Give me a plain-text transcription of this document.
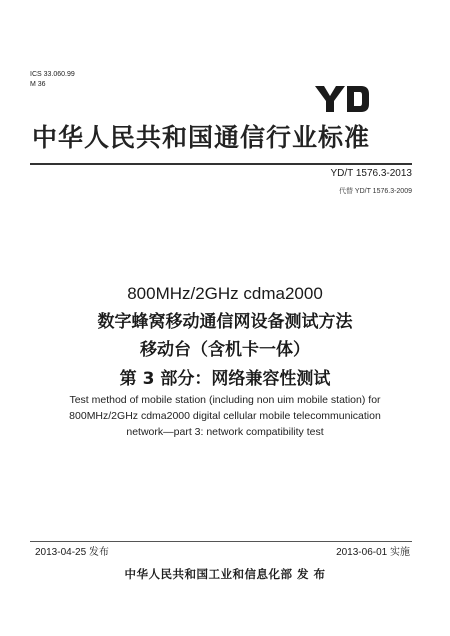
ICS 33.060.99
M 36
中华人民共和国通信行业标准
YD/T 1576.3-2013
代替 YD/T 1576.3-2009
800MHz/2GHz cdma2000
数字蜂窝移动通信网设备测试方法
移动台（含机卡一体）
第 3 部分：网络兼容性测试
Test method of mobile station (including non uim mobile station) for
800MHz/2GHz cdma2000 digital cellular mobile telecommunication
network—part 3: network compatibility test
2013-04-25 发布	2013-06-01 实施
中华人民共和国工业和信息化部 发 布
